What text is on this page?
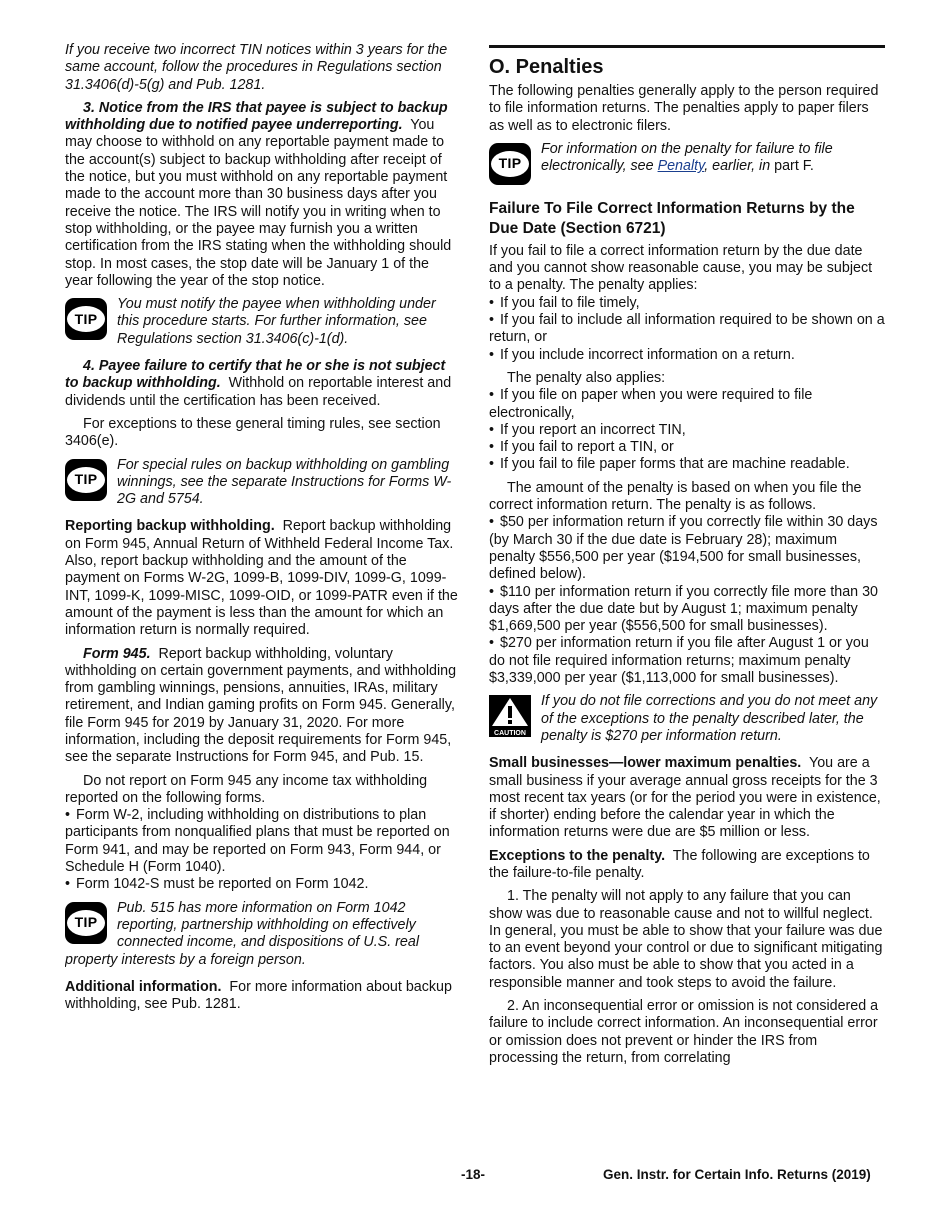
If you receive two incorrect TIN notices within 3 years for the same account, follow the procedures in Regulations section 31.3406(d)-5(g) and Pub. 1281.

3. Notice from the IRS that payee is subject to backup withholding due to notified payee underreporting. You may choose to withhold on any reportable payment made to the account(s) subject to backup withholding after receipt of the notice, but you must withhold on any reportable payment made to the account more than 30 business days after you receive the notice. The IRS will notify you in writing when to stop withholding, or the payee may furnish you a written certification from the IRS stating when the withholding should stop. In most cases, the stop date will be January 1 of the year following the year of the stop notice.

TIP
You must notify the payee when withholding under this procedure starts. For further information, see Regulations section 31.3406(c)-1(d).

4. Payee failure to certify that he or she is not subject to backup withholding. Withhold on reportable interest and dividends until the certification has been received.

For exceptions to these general timing rules, see section 3406(e).

TIP
For special rules on backup withholding on gambling winnings, see the separate Instructions for Forms W-2G and 5754.

Reporting backup withholding. Report backup withholding on Form 945, Annual Return of Withheld Federal Income Tax. Also, report backup withholding and the amount of the payment on Forms W-2G, 1099-B, 1099-DIV, 1099-G, 1099-INT, 1099-K, 1099-MISC, 1099-OID, or 1099-PATR even if the amount of the payment is less than the amount for which an information return is normally required.

Form 945. Report backup withholding, voluntary withholding on certain government payments, and withholding from gambling winnings, pensions, annuities, IRAs, military retirement, and Indian gaming profits on Form 945. Generally, file Form 945 for 2019 by January 31, 2020. For more information, including the deposit requirements for Form 945, see the separate Instructions for Form 945, and Pub. 15.

Do not report on Form 945 any income tax withholding reported on the following forms.

• Form W-2, including withholding on distributions to plan participants from nonqualified plans that must be reported on Form 941, and may be reported on Form 943, Form 944, or Schedule H (Form 1040).

• Form 1042-S must be reported on Form 1042.

TIP
Pub. 515 has more information on Form 1042 reporting, partnership withholding on effectively connected income, and dispositions of U.S. real property interests by a foreign person.

Additional information. For more information about backup withholding, see Pub. 1281.

O. Penalties

The following penalties generally apply to the person required to file information returns. The penalties apply to paper filers as well as to electronic filers.

TIP
For information on the penalty for failure to file electronically, see Penalty, earlier, in part F.
Failure To File Correct Information Returns by the Due Date (Section 6721)

If you fail to file a correct information return by the due date and you cannot show reasonable cause, you may be subject to a penalty. The penalty applies:

• If you fail to file timely,

• If you fail to include all information required to be shown on a return, or

• If you include incorrect information on a return.

The penalty also applies:

• If you file on paper when you were required to file electronically,

• If you report an incorrect TIN,

• If you fail to report a TIN, or

• If you fail to file paper forms that are machine readable.

The amount of the penalty is based on when you file the correct information return. The penalty is as follows.

• $50 per information return if you correctly file within 30 days (by March 30 if the due date is February 28); maximum penalty $556,500 per year ($194,500 for small businesses, defined below).

• $110 per information return if you correctly file more than 30 days after the due date but by August 1; maximum penalty $1,669,500 per year ($556,500 for small businesses).

• $270 per information return if you file after August 1 or you do not file required information returns; maximum penalty $3,339,000 per year ($1,113,000 for small businesses).

CAUTION
If you do not file corrections and you do not meet any of the exceptions to the penalty described later, the penalty is $270 per information return.

Small businesses—lower maximum penalties. You are a small business if your average annual gross receipts for the 3 most recent tax years (or for the period you were in existence, if shorter) ending before the calendar year in which the information returns were due are $5 million or less.

Exceptions to the penalty. The following are exceptions to the failure-to-file penalty.

1. The penalty will not apply to any failure that you can show was due to reasonable cause and not to willful neglect. In general, you must be able to show that your failure was due to an event beyond your control or due to significant mitigating factors. You also must be able to show that you acted in a responsible manner and took steps to avoid the failure.

2. An inconsequential error or omission is not considered a failure to include correct information. An inconsequential error or omission does not prevent or hinder the IRS from processing the return, from correlating

-18-	Gen. Instr. for Certain Info. Returns (2019)
